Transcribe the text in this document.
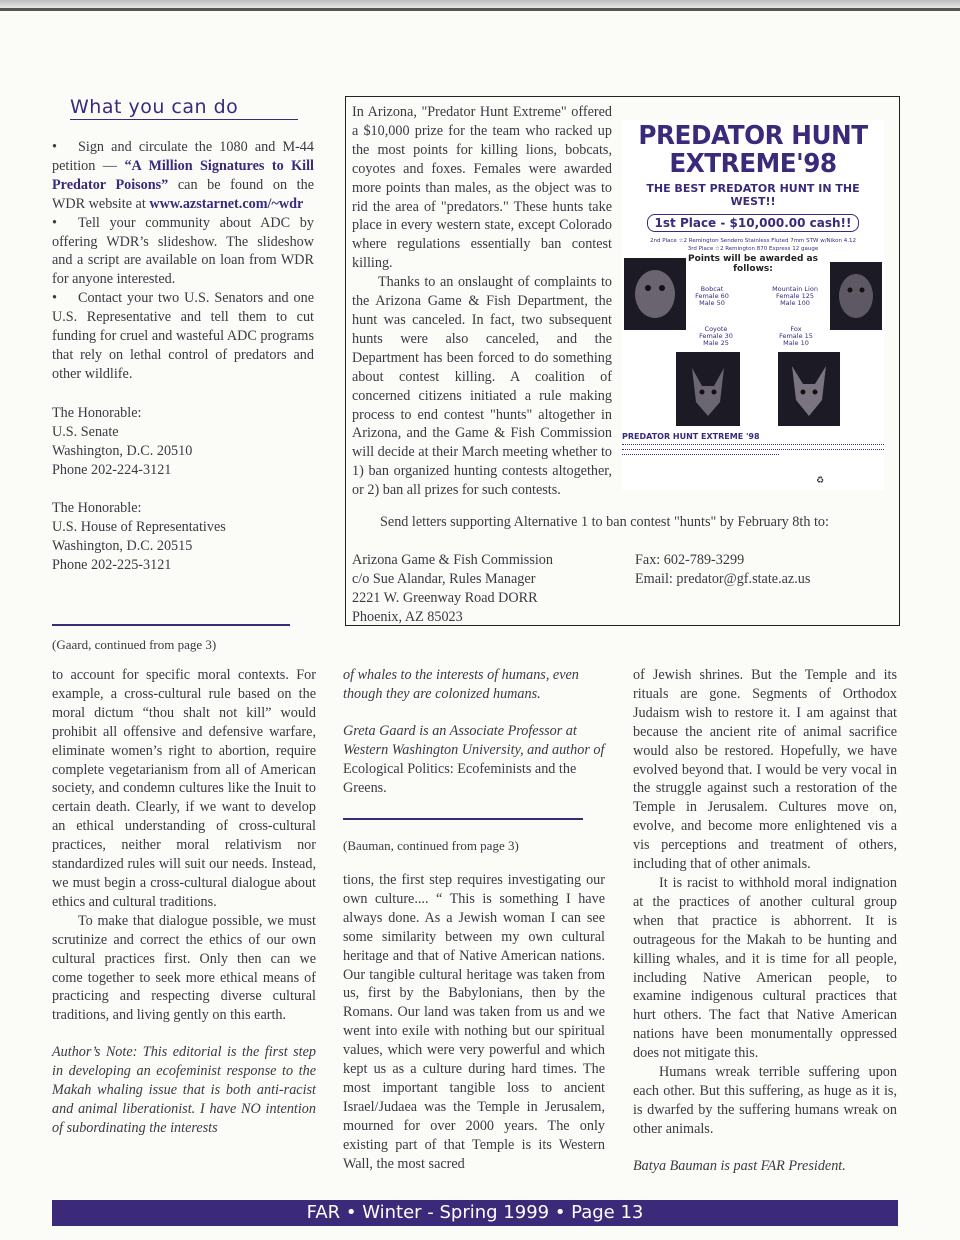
What you can do

• Sign and circulate the 1080 and M-44 petition — “A Million Signatures to Kill Predator Poisons” can be found on the WDR website at www.azstarnet.com/~wdr

• Tell your community about ADC by offering WDR’s slideshow. The slideshow and a script are available on loan from WDR for anyone interested.

• Contact your two U.S. Senators and one U.S. Representative and tell them to cut funding for cruel and wasteful ADC programs that rely on lethal control of predators and other wildlife.

The Honorable:
U.S. Senate
Washington, D.C. 20510
Phone 202-224-3121
The Honorable:
U.S. House of Representatives
Washington, D.C. 20515
Phone 202-225-3121

In Arizona, "Predator Hunt Extreme" offered a $10,000 prize for the team who racked up the most points for killing lions, bobcats, coyotes and foxes. Females were awarded more points than males, as the object was to rid the area of "predators." These hunts take place in every western state, except Colorado where regulations essentially ban contest killing.

Thanks to an onslaught of complaints to the Arizona Game & Fish Department, the hunt was canceled. In fact, two subsequent hunts were also canceled, and the Department has been forced to do something about contest killing. A coalition of concerned citizens initiated a rule making process to end contest "hunts" altogether in Arizona, and the Game & Fish Commission will decide at their March meeting whether to 1) ban organized hunting contests altogether, or 2) ban all prizes for such contests.

Send letters supporting Alternative 1 to ban contest "hunts" by February 8th to:
Arizona Game & Fish Commission
c/o Sue Alandar, Rules Manager
2221 W. Greenway Road DORR
Phoenix, AZ 85023
Fax: 602-789-3299
Email: predator@gf.state.az.us
PREDATOR HUNT EXTREME'98
THE BEST PREDATOR HUNT IN THE WEST!!
1st Place - $10,000.00 cash!!
2nd Place ☆2 Remington Sendero Stainless Fluted 7mm STW w/Nikon 4.12
3rd Place ☆2 Remington 870 Express 12 gauge
Points will be awarded as follows:
Bobcat
Female 60
Male 50
Mountain Lion
Female 125
Male 100
Coyote
Female 30
Male 25
Fox
Female 15
Male 10
PREDATOR HUNT EXTREME '98
♻
(Gaard, continued from page 3)

to account for specific moral contexts. For example, a cross-cultural rule based on the moral dictum “thou shalt not kill” would prohibit all offensive and defensive warfare, eliminate women’s right to abortion, require complete vegetarianism from all of American society, and condemn cultures like the Inuit to certain death. Clearly, if we want to develop an ethical understanding of cross-cultural practices, neither moral relativism nor standardized rules will suit our needs. Instead, we must begin a cross-cultural dialogue about ethics and cultural traditions.

To make that dialogue possible, we must scrutinize and correct the ethics of our own cultural practices first. Only then can we come together to seek more ethical means of practicing and respecting diverse cultural traditions, and living gently on this earth.

Author’s Note: This editorial is the first step in developing an ecofeminist response to the Makah whaling issue that is both anti-racist and animal liberationist. I have NO intention of subordinating the interests

of whales to the interests of humans, even though they are colonized humans.

Greta Gaard is an Associate Professor at Western Washington University, and author of Ecological Politics: Ecofeminists and the Greens.

(Bauman, continued from page 3)

tions, the first step requires investigating our own culture.... “ This is something I have always done. As a Jewish woman I can see some similarity between my own cultural heritage and that of Native American nations. Our tangible cultural heritage was taken from us, first by the Babylonians, then by the Romans. Our land was taken from us and we went into exile with nothing but our spiritual values, which were very powerful and which kept us as a culture during hard times. The most important tangible loss to ancient Israel/Judaea was the Temple in Jerusalem, mourned for over 2000 years. The only existing part of that Temple is its Western Wall, the most sacred

of Jewish shrines. But the Temple and its rituals are gone. Segments of Orthodox Judaism wish to restore it. I am against that because the ancient rite of animal sacrifice would also be restored. Hopefully, we have evolved beyond that. I would be very vocal in the struggle against such a restoration of the Temple in Jerusalem. Cultures move on, evolve, and become more enlightened vis a vis perceptions and treatment of others, including that of other animals.

It is racist to withhold moral indignation at the practices of another cultural group when that practice is abhorrent. It is outrageous for the Makah to be hunting and killing whales, and it is time for all people, including Native American people, to examine indigenous cultural practices that hurt others. The fact that Native American nations have been monumentally oppressed does not mitigate this.

Humans wreak terrible suffering upon each other. But this suffering, as huge as it is, is dwarfed by the suffering humans wreak on other animals.

Batya Bauman is past FAR President.

FAR • Winter - Spring 1999 • Page 13
